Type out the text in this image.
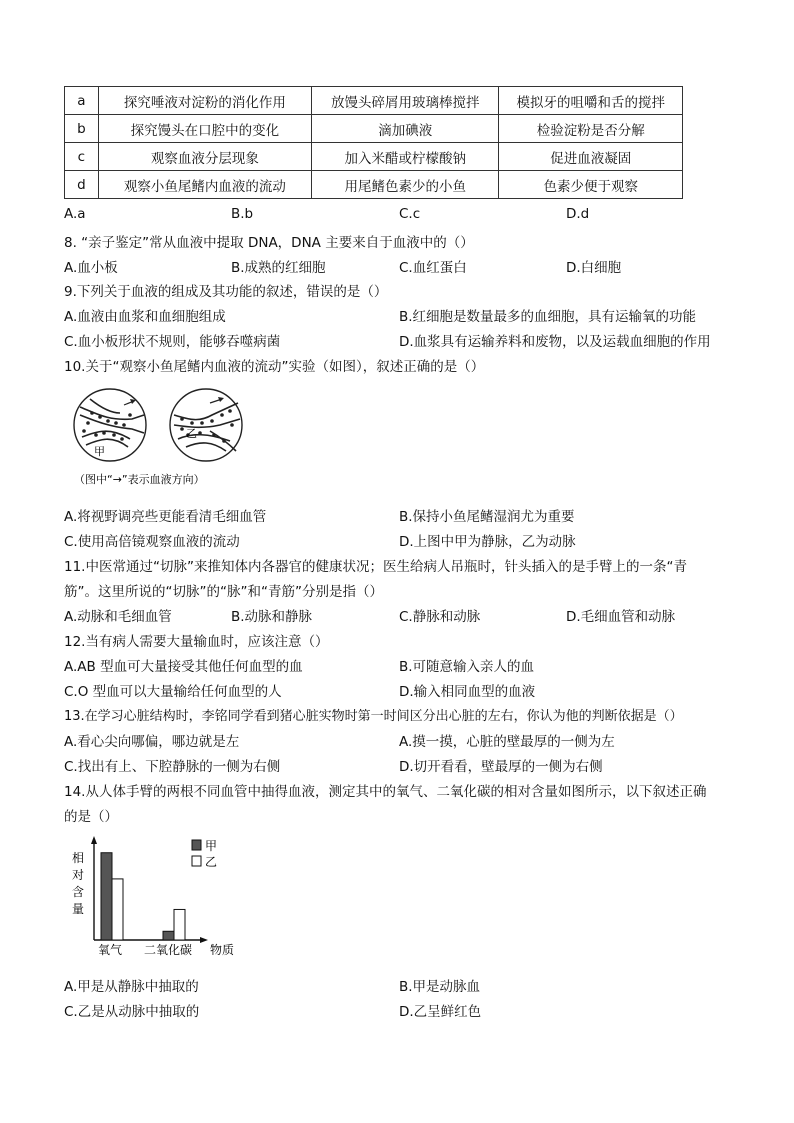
a	探究唾液对淀粉的消化作用	放馒头碎屑用玻璃棒搅拌	模拟牙的咀嚼和舌的搅拌
b	探究馒头在口腔中的变化	滴加碘液	检验淀粉是否分解
c	观察血液分层现象	加入米醋或柠檬酸钠	促进血液凝固
d	观察小鱼尾鳍内血液的流动	用尾鳍色素少的小鱼	色素少便于观察
A.a	B.b	C.c	D.d
8. “亲子鉴定”常从血液中提取 DNA，DNA 主要来自于血液中的（）
A.血小板	B.成熟的红细胞	C.血红蛋白	D.白细胞
9.下列关于血液的组成及其功能的叙述，错误的是（）
A.血液由血浆和血细胞组成	B.红细胞是数量最多的血细胞，具有运输氧的功能
C.血小板形状不规则，能够吞噬病菌	D.血浆具有运输养料和废物，以及运载血细胞的作用
10.关于“观察小鱼尾鳍内血液的流动”实验（如图），叙述正确的是（）
甲
乙
（图中“→”表示血液方向）
A.将视野调亮些更能看清毛细血管	B.保持小鱼尾鳍湿润尤为重要
C.使用高倍镜观察血液的流动	D.上图中甲为静脉，乙为动脉
11.中医常通过“切脉”来推知体内各器官的健康状况；医生给病人吊瓶时，针头插入的是手臂上的一条“青
筋”。这里所说的“切脉”的“脉”和“青筋”分别是指（）
A.动脉和毛细血管	B.动脉和静脉	C.静脉和动脉	D.毛细血管和动脉
12.当有病人需要大量输血时，应该注意（）
A.AB 型血可大量接受其他任何血型的血	B.可随意输入亲人的血
C.O 型血可以大量输给任何血型的人	D.输入相同血型的血液
13.在学习心脏结构时，李铭同学看到猪心脏实物时第一时间区分出心脏的左右，你认为他的判断依据是（）
A.看心尖向哪偏，哪边就是左	A.摸一摸，心脏的壁最厚的一侧为左
C.找出有上、下腔静脉的一侧为右侧	D.切开看看，壁最厚的一侧为右侧
14.从人体手臂的两根不同血管中抽得血液，测定其中的氧气、二氧化碳的相对含量如图所示，以下叙述正确
的是（）
相
对
含
量
氧气 二氧化碳 物质
甲
乙
A.甲是从静脉中抽取的	B.甲是动脉血
C.乙是从动脉中抽取的	D.乙呈鲜红色
